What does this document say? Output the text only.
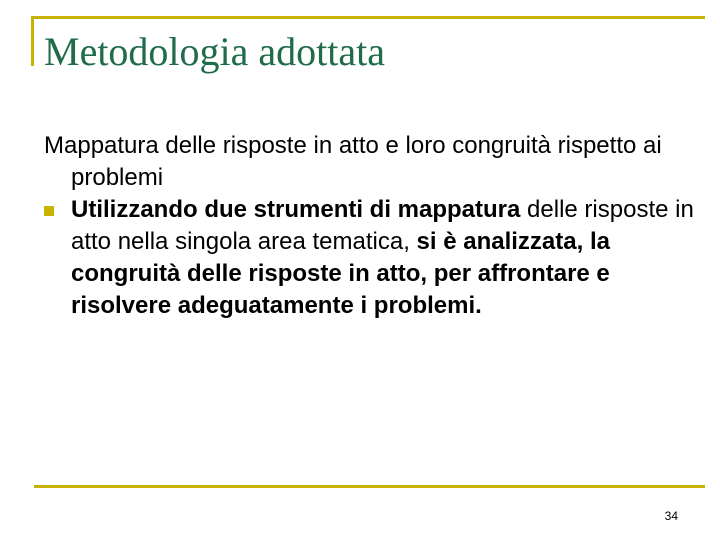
Metodologia adottata

Mappatura delle risposte in atto e loro congruità rispetto ai problemi

Utilizzando due strumenti di mappatura delle risposte in atto nella singola area tematica, si è analizzata, la congruità delle risposte in atto, per affrontare e risolvere adeguatamente i problemi.
34
